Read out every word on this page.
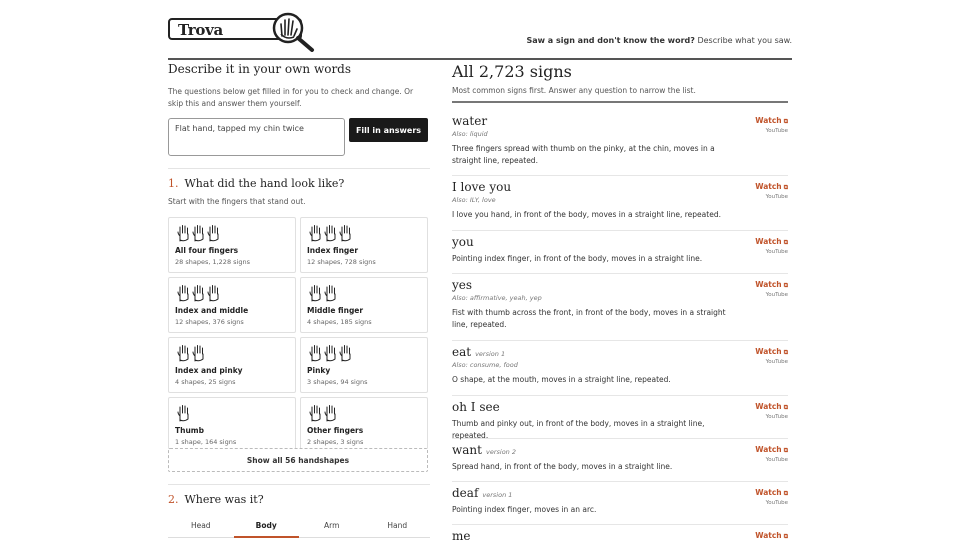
Trova
Saw a sign and don't know the word? Describe what you saw.
Describe it in your own words
The questions below get filled in for you to check and change. Or skip this and answer them yourself.
Flat hand, tapped my chin twice
Fill in answers
1. What did the hand look like?
Start with the fingers that stand out.
All four fingers
28 shapes, 1,228 signs
Index finger
12 shapes, 728 signs
Index and middle
12 shapes, 376 signs
Middle finger
4 shapes, 185 signs
Index and pinky
4 shapes, 25 signs
Pinky
3 shapes, 94 signs
Thumb
1 shape, 164 signs
Other fingers
2 shapes, 3 signs
Show all 56 handshapes
2. Where was it?
Head	Body	Arm	Hand
All 2,723 signs
Most common signs first. Answer any question to narrow the list.
water
Also: liquid
Three fingers spread with thumb on the pinky, at the chin, moves in a straight line, repeated.
Watch ⧉
YouTube
I love you
Also: ILY, love
I love you hand, in front of the body, moves in a straight line, repeated.
Watch ⧉
YouTube
you
Pointing index finger, in front of the body, moves in a straight line.
Watch ⧉
YouTube
yes
Also: affirmative, yeah, yep
Fist with thumb across the front, in front of the body, moves in a straight line, repeated.
Watch ⧉
YouTube
eat version 1
Also: consume, food
O shape, at the mouth, moves in a straight line, repeated.
Watch ⧉
YouTube
oh I see
Thumb and pinky out, in front of the body, moves in a straight line, repeated.
Watch ⧉
YouTube
want version 2
Spread hand, in front of the body, moves in a straight line.
Watch ⧉
YouTube
deaf version 1
Pointing index finger, moves in an arc.
Watch ⧉
YouTube
me	Watch ⧉
